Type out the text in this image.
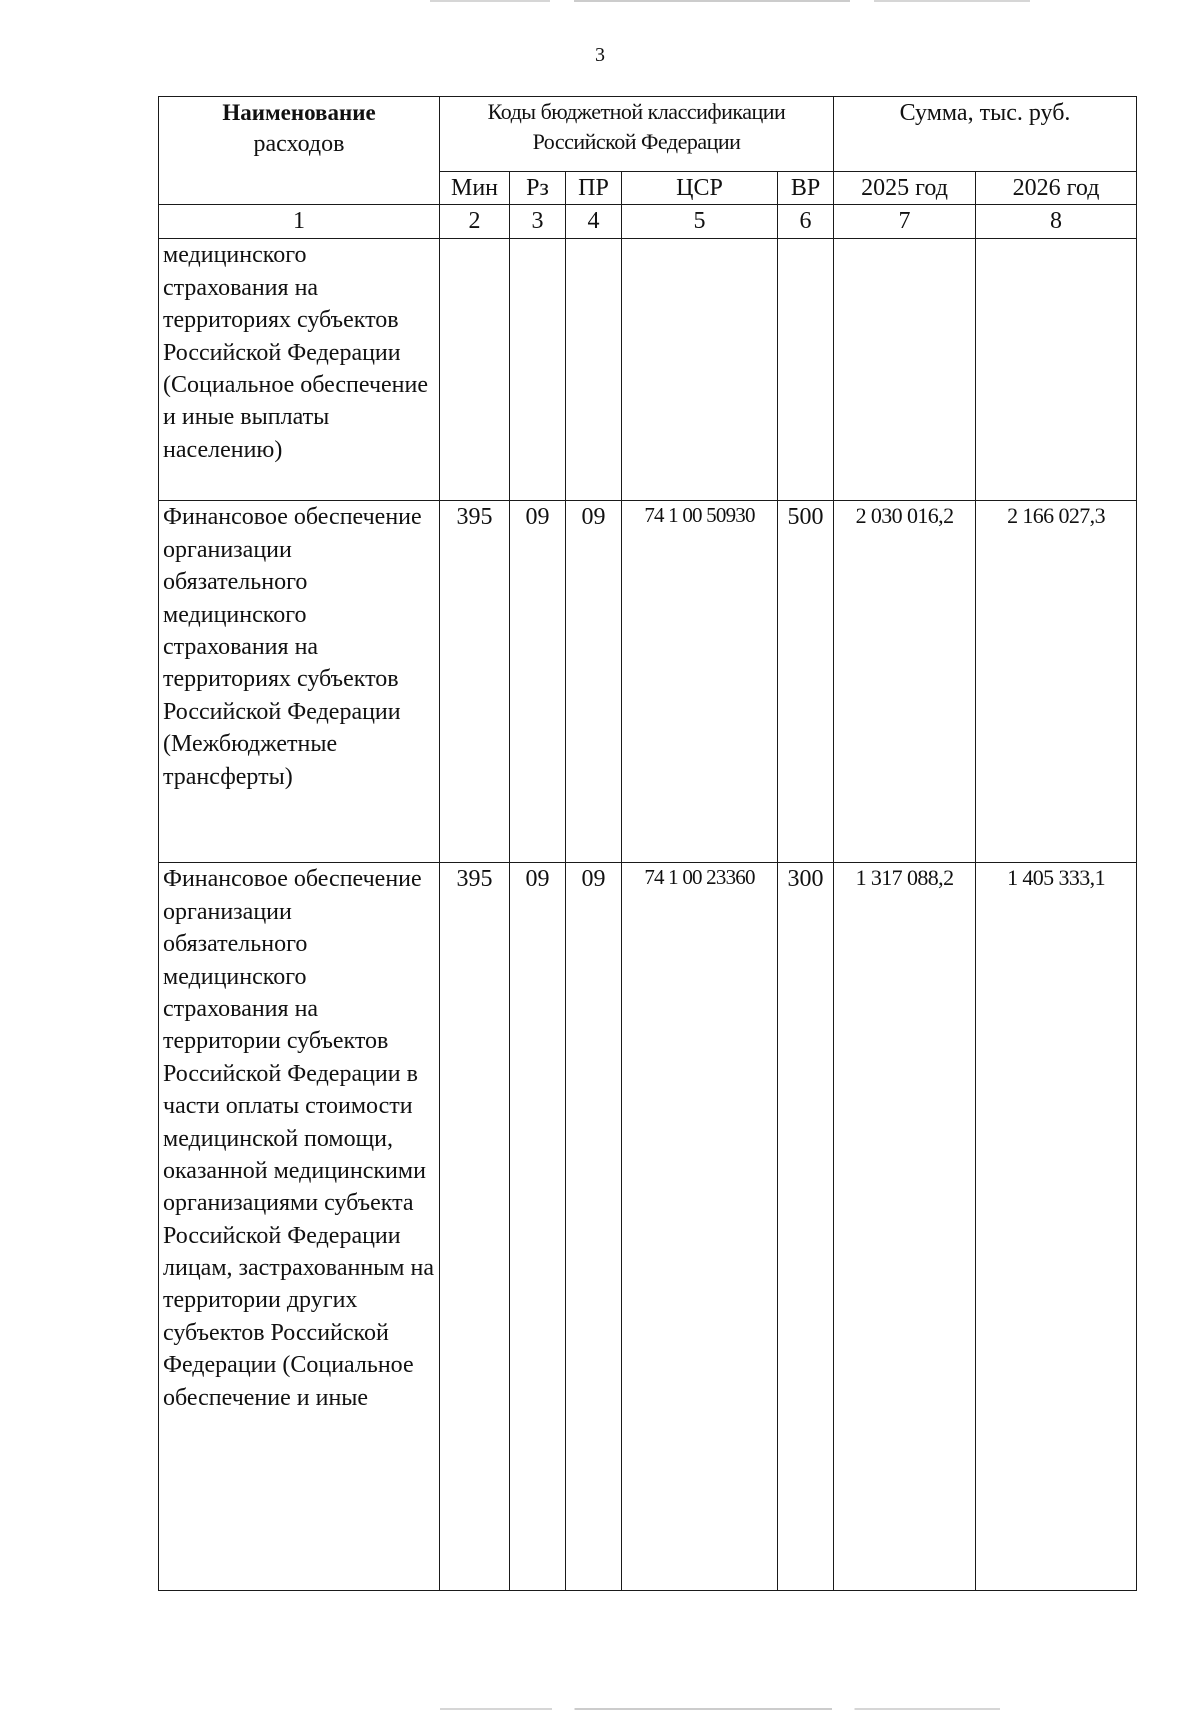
3
Наименование
расходов	Коды бюджетной классификации Российской Федерации					Сумма, тыс. руб.	
	Мин	Рз	ПР	ЦСР	ВР	2025 год	2026 год
1	2	3	4	5	6	7	8
медицинского страхования на территориях субъектов Российской Федерации (Социальное обеспечение и иные выплаты населению)							
Финансовое обеспечение организации обязательного медицинского страхования на территориях субъектов Российской Федерации (Межбюджетные трансферты)	395	09	09	74 1 00 50930	500	2 030 016,2	2 166 027,3
Финансовое обеспечение организации обязательного медицинского страхования на территории субъектов Российской Федерации в части оплаты стоимости медицинской помощи, оказанной медицинскими организациями субъекта Российской Федерации лицам, застрахованным на территории других субъектов Российской Федерации (Социальное обеспечение и иные	395	09	09	74 1 00 23360	300	1 317 088,2	1 405 333,1
